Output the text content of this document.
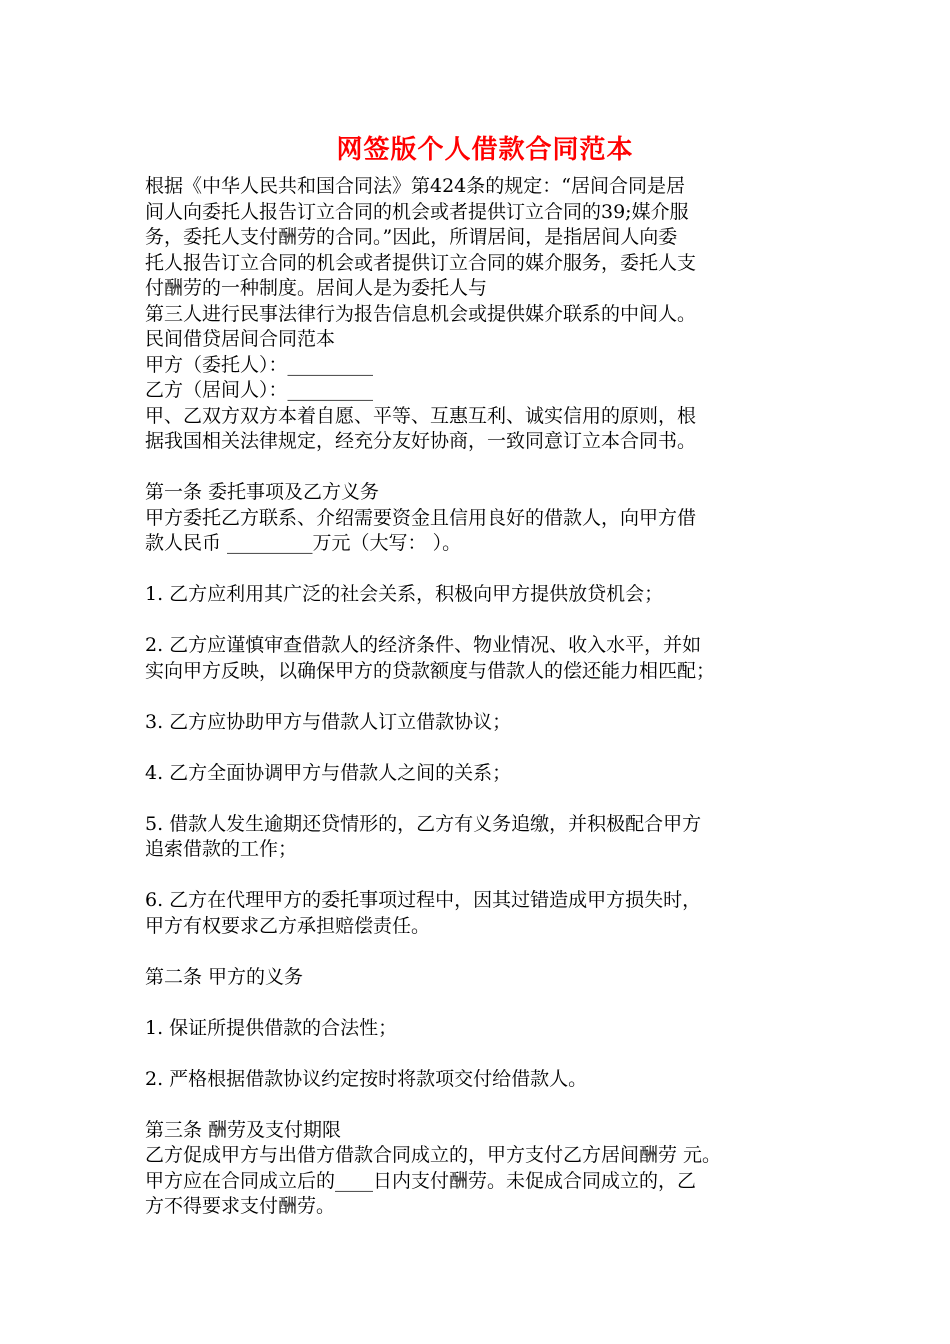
网签版个人借款合同范本
根据《中华人民共和国合同法》第424条的规定：“居间合同是居
间人向委托人报告订立合同的机会或者提供订立合同的39;媒介服
务，委托人支付酬劳的合同。”因此，所谓居间，是指居间人向委
托人报告订立合同的机会或者提供订立合同的媒介服务，委托人支
付酬劳的一种制度。居间人是为委托人与
第三人进行民事法律行为报告信息机会或提供媒介联系的中间人。
民间借贷居间合同范本
甲方（委托人）：_________
乙方（居间人）：_________
甲、乙双方双方本着自愿、平等、互惠互利、诚实信用的原则，根
据我国相关法律规定，经充分友好协商，一致同意订立本合同书。
第一条 委托事项及乙方义务
甲方委托乙方联系、介绍需要资金且信用良好的借款人，向甲方借
款人民币 _________万元（大写： ）。
1. 乙方应利用其广泛的社会关系，积极向甲方提供放贷机会；
2. 乙方应谨慎审查借款人的经济条件、物业情况、收入水平，并如
实向甲方反映，以确保甲方的贷款额度与借款人的偿还能力相匹配；
3. 乙方应协助甲方与借款人订立借款协议；
4. 乙方全面协调甲方与借款人之间的关系；
5. 借款人发生逾期还贷情形的，乙方有义务追缴，并积极配合甲方
追索借款的工作；
6. 乙方在代理甲方的委托事项过程中，因其过错造成甲方损失时，
甲方有权要求乙方承担赔偿责任。
第二条 甲方的义务
1. 保证所提供借款的合法性；
2. 严格根据借款协议约定按时将款项交付给借款人。
第三条 酬劳及支付期限
乙方促成甲方与出借方借款合同成立的，甲方支付乙方居间酬劳 元。
甲方应在合同成立后的____日内支付酬劳。未促成合同成立的，乙
方不得要求支付酬劳。
